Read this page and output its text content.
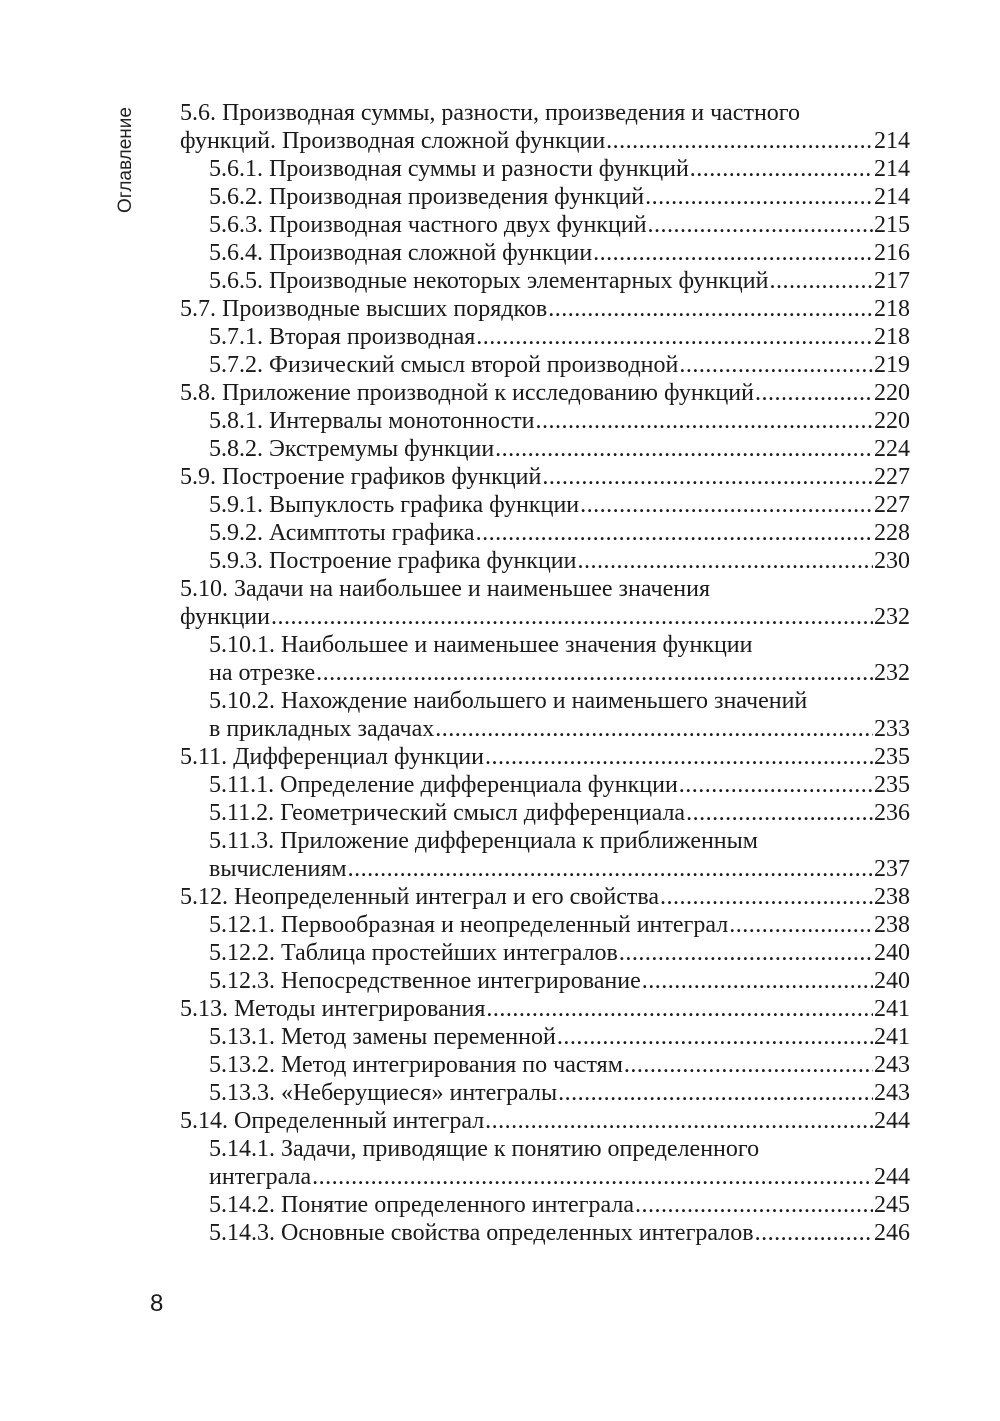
Оглавление 5.6. Производная суммы, разности, произведения и частного
функций. Производная сложной функции .....	214
5.6.1. Производная суммы и разности функций .....	214
5.6.2. Производная произведения функций .....	214
5.6.3. Производная частного двух функций .....	215
5.6.4. Производная сложной функции .....	216
5.6.5. Производные некоторых элементарных функций .....	217
5.7. Производные высших порядков .....	218
5.7.1. Вторая производная .....	218
5.7.2. Физический смысл второй производной .....	219
5.8. Приложение производной к исследованию функций .....	220
5.8.1. Интервалы монотонности .....	220
5.8.2. Экстремумы функции .....	224
5.9. Построение графиков функций .....	227
5.9.1. Выпуклость графика функции .....	227
5.9.2. Асимптоты графика .....	228
5.9.3. Построение графика функции .....	230
5.10. Задачи на наибольшее и наименьшее значения
функции .....	232
5.10.1. Наибольшее и наименьшее значения функции
на отрезке .....	232
5.10.2. Нахождение наибольшего и наименьшего значений
в прикладных задачах .....	233
5.11. Дифференциал функции .....	235
5.11.1. Определение дифференциала функции .....	235
5.11.2. Геометрический смысл дифференциала .....	236
5.11.3. Приложение дифференциала к приближенным
вычислениям .....	237
5.12. Неопределенный интеграл и его свойства .....	238
5.12.1. Первообразная и неопределенный интеграл .....	238
5.12.2. Таблица простейших интегралов .....	240
5.12.3. Непосредственное интегрирование .....	240
5.13. Методы интегрирования .....	241
5.13.1. Метод замены переменной .....	241
5.13.2. Метод интегрирования по частям .....	243
5.13.3. «Неберущиеся» интегралы .....	243
5.14. Определенный интеграл .....	244
5.14.1. Задачи, приводящие к понятию определенного
интеграла .....	244
5.14.2. Понятие определенного интеграла .....	245
5.14.3. Основные свойства определенных интегралов .....	246
8
